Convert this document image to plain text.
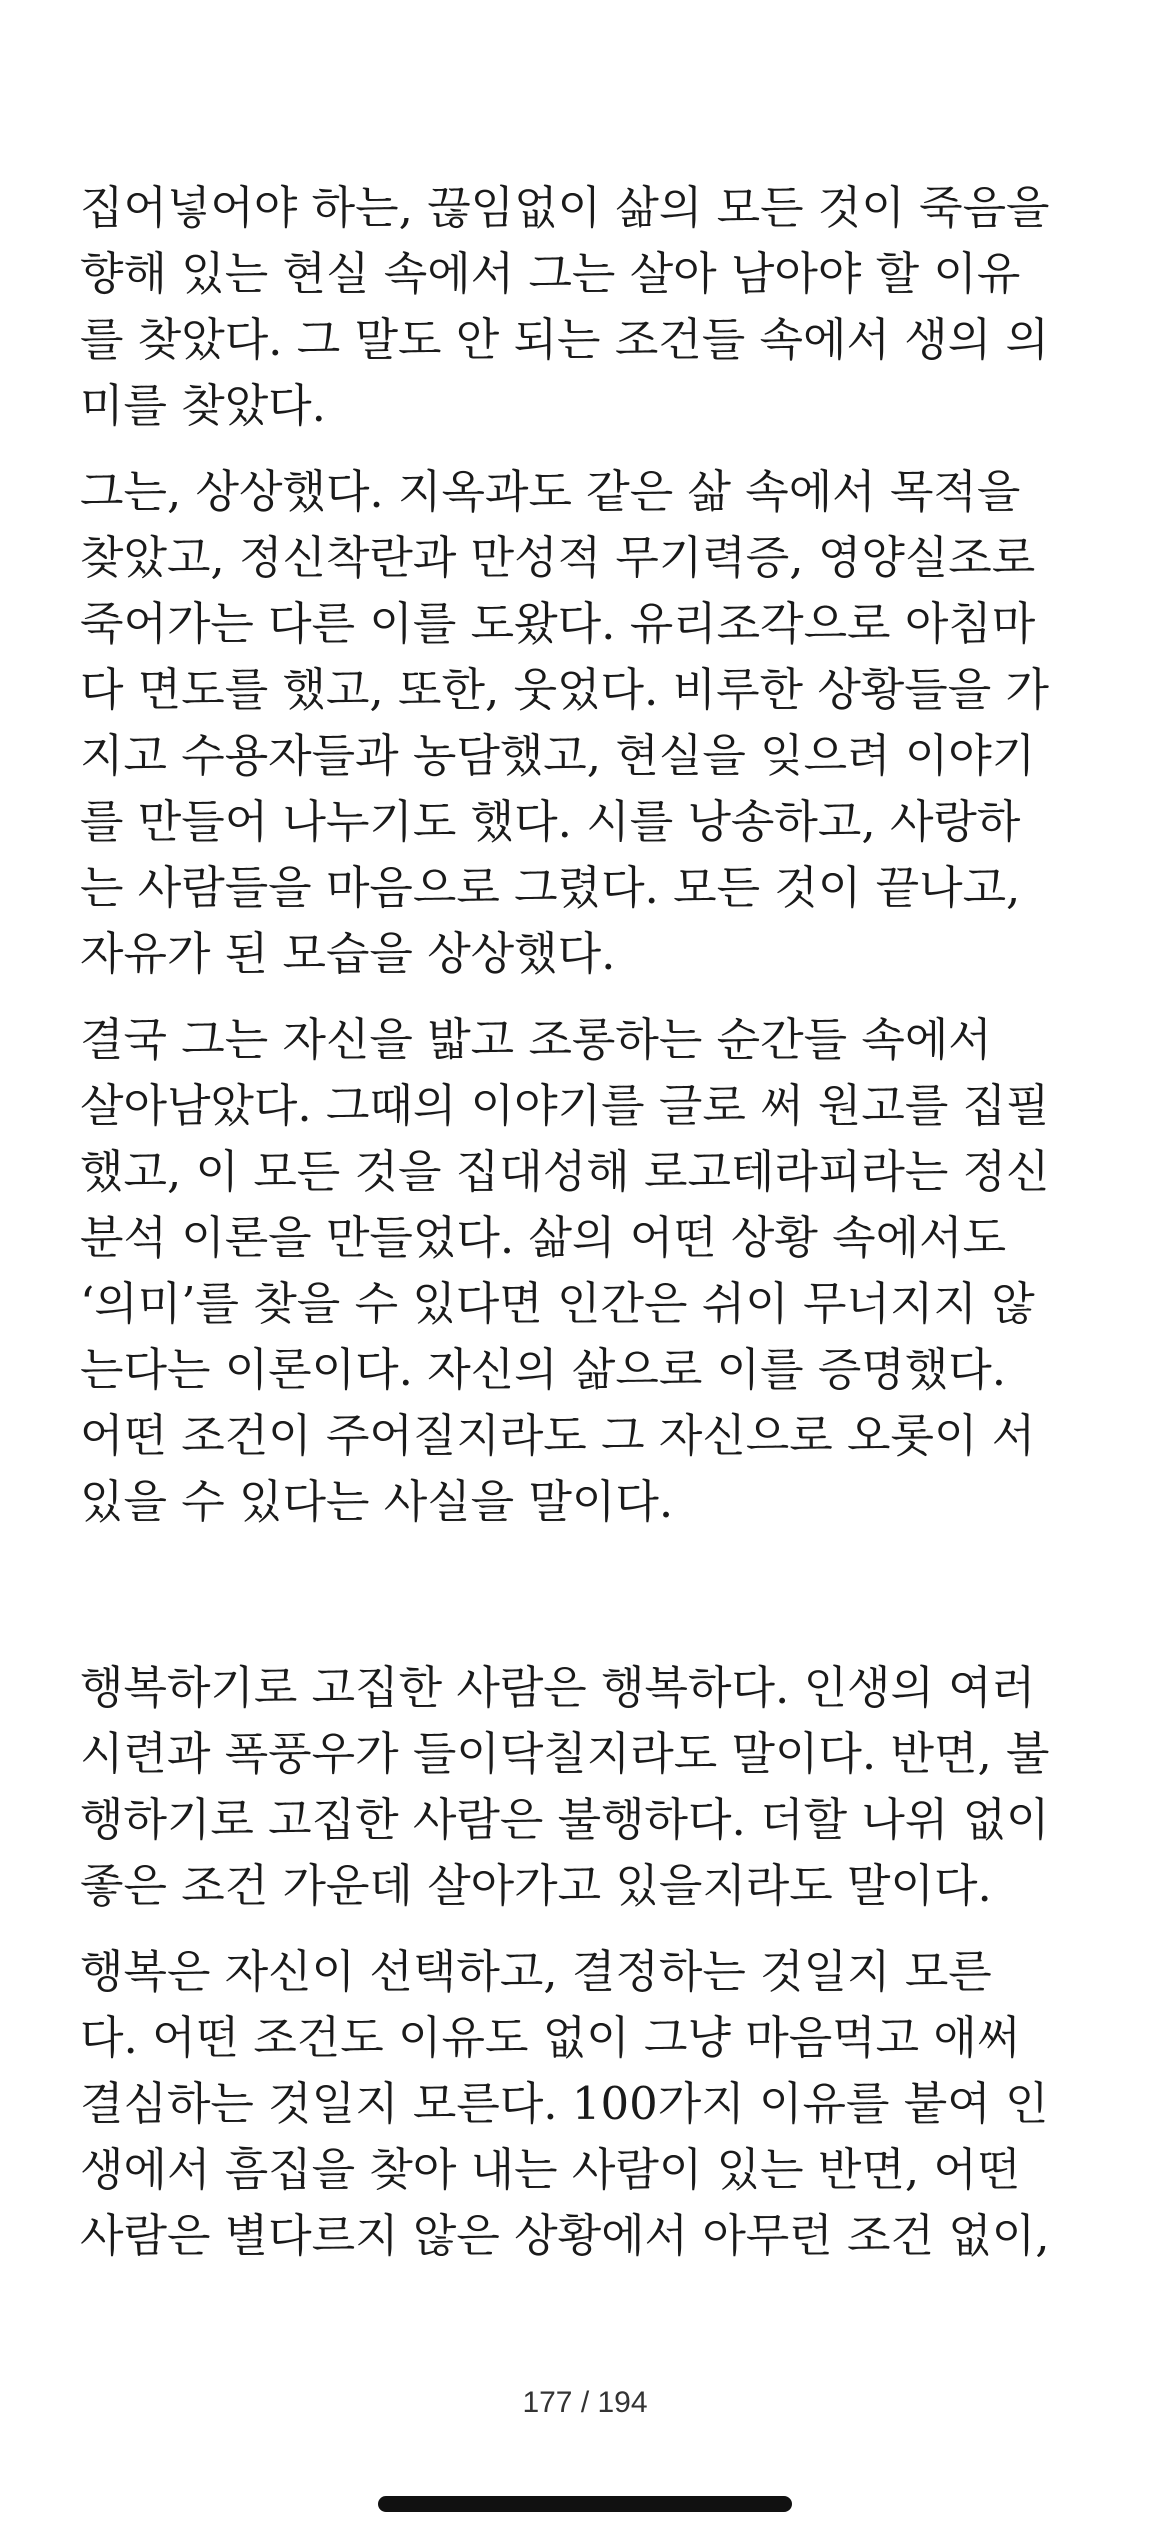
집어넣어야 하는, 끊임없이 삶의 모든 것이 죽음을
향해 있는 현실 속에서 그는 살아 남아야 할 이유
를 찾았다. 그 말도 안 되는 조건들 속에서 생의 의
미를 찾았다.

그는, 상상했다. 지옥과도 같은 삶 속에서 목적을
찾았고, 정신착란과 만성적 무기력증, 영양실조로
죽어가는 다른 이를 도왔다. 유리조각으로 아침마
다 면도를 했고, 또한, 웃었다. 비루한 상황들을 가
지고 수용자들과 농담했고, 현실을 잊으려 이야기
를 만들어 나누기도 했다. 시를 낭송하고, 사랑하
는 사람들을 마음으로 그렸다. 모든 것이 끝나고,
자유가 된 모습을 상상했다.

결국 그는 자신을 밟고 조롱하는 순간들 속에서
살아남았다. 그때의 이야기를 글로 써 원고를 집필
했고, 이 모든 것을 집대성해 로고테라피라는 정신
분석 이론을 만들었다. 삶의 어떤 상황 속에서도
‘의미’를 찾을 수 있다면 인간은 쉬이 무너지지 않
는다는 이론이다. 자신의 삶으로 이를 증명했다.
어떤 조건이 주어질지라도 그 자신으로 오롯이 서
있을 수 있다는 사실을 말이다.

행복하기로 고집한 사람은 행복하다. 인생의 여러
시련과 폭풍우가 들이닥칠지라도 말이다. 반면, 불
행하기로 고집한 사람은 불행하다. 더할 나위 없이
좋은 조건 가운데 살아가고 있을지라도 말이다.

행복은 자신이 선택하고, 결정하는 것일지 모른
다. 어떤 조건도 이유도 없이 그냥 마음먹고 애써
결심하는 것일지 모른다. 100가지 이유를 붙여 인
생에서 흠집을 찾아 내는 사람이 있는 반면, 어떤
사람은 별다르지 않은 상황에서 아무런 조건 없이,

177 / 194
